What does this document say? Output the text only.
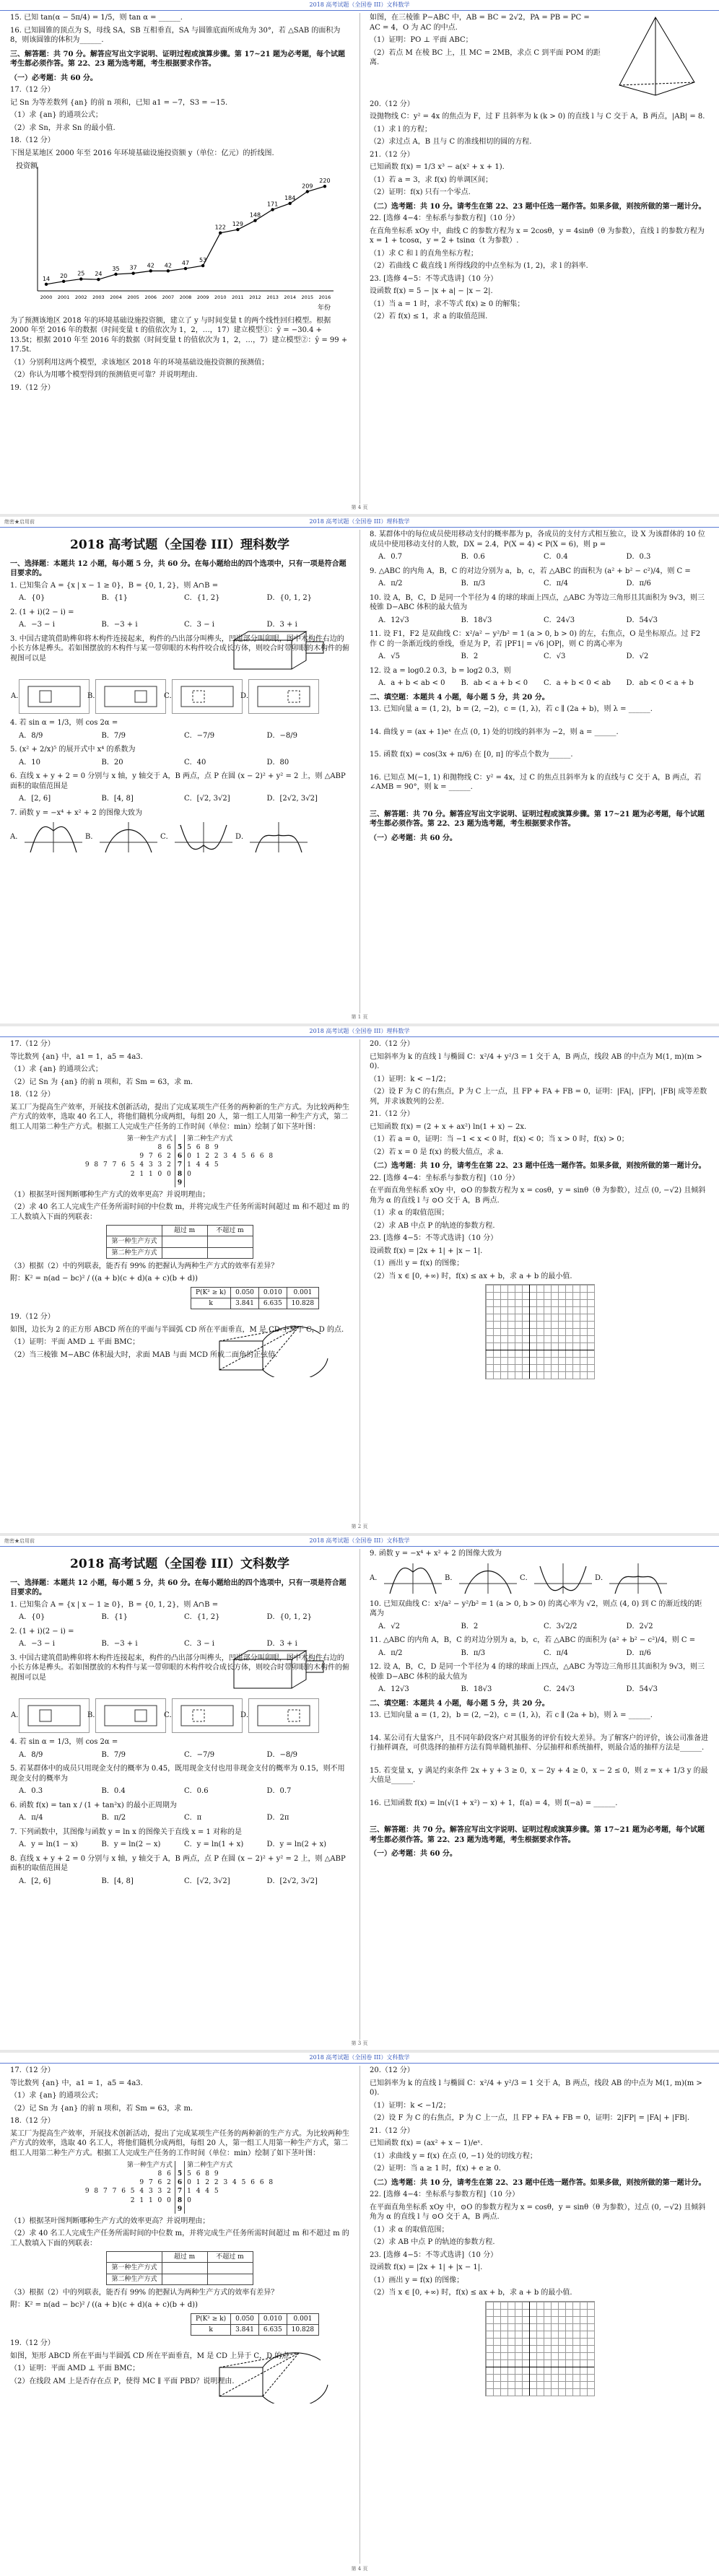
2018 高考试题（全国卷 III）文科数学

15. 已知 tan(α − 5π/4) = 1/5，则 tan α = ______.

16. 已知圆锥的顶点为 S，母线 SA，SB 互相垂直，SA 与圆锥底面所成角为 30°，若 △SAB 的面积为 8，则该圆锥的体积为______.

三、解答题：共 70 分。解答应写出文字说明、证明过程或演算步骤。第 17~21 题为必考题，每个试题考生都必须作答。第 22、23 题为选考题，考生根据要求作答。

（一）必考题：共 60 分。

17.（12 分）

记 Sn 为等差数列 {an} 的前 n 项和，已知 a1 = −7，S3 = −15.

（1）求 {an} 的通项公式；

（2）求 Sn，并求 Sn 的最小值.

18.（12 分）

下图是某地区 2000 年至 2016 年环境基础设施投资额 y（单位：亿元）的折线图.

投资额
年份
14
2000
20
2001
25
2002
24
2003
35
2004
37
2005
42
2006
42
2007
47
2008
53
2009
122
2010
129
2011
148
2012
171
2013
184
2014
209
2015
220
2016

为了预测该地区 2018 年的环境基础设施投资额，建立了 y 与时间变量 t 的两个线性回归模型。根据 2000 年至 2016 年的数据（时间变量 t 的值依次为 1，2，…，17）建立模型①：ŷ = −30.4 + 13.5t；根据 2010 年至 2016 年的数据（时间变量 t 的值依次为 1，2，…，7）建立模型②：ŷ = 99 + 17.5t.

（1）分别利用这两个模型，求该地区 2018 年的环境基础设施投资额的预测值；

（2）你认为用哪个模型得到的预测值更可靠？并说明理由.

19.（12 分）

如图，在三棱锥 P−ABC 中，AB = BC = 2√2，PA = PB = PC = AC = 4，O 为 AC 的中点.

（1）证明：PO ⊥ 平面 ABC；

（2）若点 M 在棱 BC 上，且 MC = 2MB，求点 C 到平面 POM 的距离.

20.（12 分）

设抛物线 C：y² = 4x 的焦点为 F，过 F 且斜率为 k (k > 0) 的直线 l 与 C 交于 A，B 两点，|AB| = 8.

（1）求 l 的方程；

（2）求过点 A，B 且与 C 的准线相切的圆的方程.

21.（12 分）

已知函数 f(x) = 1/3 x³ − a(x² + x + 1).

（1）若 a = 3，求 f(x) 的单调区间；

（2）证明：f(x) 只有一个零点.

（二）选考题：共 10 分。请考生在第 22、23 题中任选一题作答。如果多做，则按所做的第一题计分。

22. [选修 4−4：坐标系与参数方程]（10 分）

在直角坐标系 xOy 中，曲线 C 的参数方程为 x = 2cosθ，y = 4sinθ（θ 为参数），直线 l 的参数方程为 x = 1 + tcosα，y = 2 + tsinα（t 为参数）.

（1）求 C 和 l 的直角坐标方程；

（2）若曲线 C 截直线 l 所得线段的中点坐标为 (1, 2)，求 l 的斜率.

23. [选修 4−5：不等式选讲]（10 分）

设函数 f(x) = 5 − |x + a| − |x − 2|.

（1）当 a = 1 时，求不等式 f(x) ≥ 0 的解集；

（2）若 f(x) ≤ 1，求 a 的取值范围.

第 4 页
绝密★启用前	2018 高考试题（全国卷 III）理科数学
2018 高考试题（全国卷 III）理科数学

一、选择题：本题共 12 小题，每小题 5 分，共 60 分。在每小题给出的四个选项中，只有一项是符合题目要求的。

1. 已知集合 A = {x | x − 1 ≥ 0}，B = {0, 1, 2}，则 A∩B =

A．{0}	B．{1}	C．{1, 2}	D．{0, 1, 2}

2. (1 + i)(2 − i) =

A．−3 − i	B．−3 + i	C．3 − i	D．3 + i

3. 中国古建筑借助榫卯将木构件连接起来，构件的凸出部分叫榫头，凹进部分叫卯眼，图中木构件右边的小长方体是榫头。若如图摆放的木构件与某一带卯眼的木构件咬合成长方体，则咬合时带卯眼的木构件的俯视图可以是

A．	B．	C．	D．

4. 若 sin α = 1/3，则 cos 2α =

A．8/9	B．7/9	C．−7/9	D．−8/9

5. (x² + 2/x)⁵ 的展开式中 x⁴ 的系数为

A．10	B．20	C．40	D．80

6. 直线 x + y + 2 = 0 分别与 x 轴，y 轴交于 A，B 两点，点 P 在圆 (x − 2)² + y² = 2 上，则 △ABP 面积的取值范围是

A．[2, 6]	B．[4, 8]	C．[√2, 3√2]	D．[2√2, 3√2]

7. 函数 y = −x⁴ + x² + 2 的图像大致为

A．	B．	C．	D．

8. 某群体中的每位成员使用移动支付的概率都为 p，各成员的支付方式相互独立，设 X 为该群体的 10 位成员中使用移动支付的人数，DX = 2.4，P(X = 4) < P(X = 6)，则 p =

A．0.7	B．0.6	C．0.4	D．0.3

9. △ABC 的内角 A，B，C 的对边分别为 a，b，c，若 △ABC 的面积为 (a² + b² − c²)/4，则 C =

A．π/2	B．π/3	C．π/4	D．π/6

10. 设 A，B，C，D 是同一个半径为 4 的球的球面上四点，△ABC 为等边三角形且其面积为 9√3，则三棱锥 D−ABC 体积的最大值为

A．12√3	B．18√3	C．24√3	D．54√3

11. 设 F1，F2 是双曲线 C：x²/a² − y²/b² = 1 (a > 0, b > 0) 的左，右焦点，O 是坐标原点。过 F2 作 C 的一条渐近线的垂线，垂足为 P，若 |PF1| = √6 |OP|，则 C 的离心率为

A．√5	B．2	C．√3	D．√2

12. 设 a = log0.2 0.3，b = log2 0.3，则

A．a + b < ab < 0	B．ab < a + b < 0	C．a + b < 0 < ab	D．ab < 0 < a + b

二、填空题：本题共 4 小题，每小题 5 分，共 20 分。

13. 已知向量 a = (1, 2)，b = (2, −2)，c = (1, λ)，若 c ∥ (2a + b)，则 λ = ______.

14. 曲线 y = (ax + 1)eˣ 在点 (0, 1) 处的切线的斜率为 −2，则 a = ______.

15. 函数 f(x) = cos(3x + π/6) 在 [0, π] 的零点个数为______.

16. 已知点 M(−1, 1) 和抛物线 C：y² = 4x，过 C 的焦点且斜率为 k 的直线与 C 交于 A，B 两点，若 ∠AMB = 90°，则 k = ______.

三、解答题：共 70 分。解答应写出文字说明、证明过程或演算步骤。第 17~21 题为必考题，每个试题考生都必须作答。第 22、23 题为选考题，考生根据要求作答。

（一）必考题：共 60 分。

第 1 页
2018 高考试题（全国卷 III）理科数学

17.（12 分）

等比数列 {an} 中，a1 = 1，a5 = 4a3.

（1）求 {an} 的通项公式；

（2）记 Sn 为 {an} 的前 n 项和，若 Sm = 63，求 m.

18.（12 分）

某工厂为提高生产效率，开展技术创新活动，提出了完成某项生产任务的两种新的生产方式。为比较两种生产方式的效率，选取 40 名工人，将他们随机分成两组，每组 20 人，第一组工人用第一种生产方式，第二组工人用第二种生产方式。根据工人完成生产任务的工作时间（单位：min）绘制了如下茎叶图：

第一种生产方式		第二种生产方式
8 6	5	5 6 8 9
9 7 6 2	6	0 1 2 2 3 4 5 6 6 8
9 8 7 7 6 5 4 3 3 2	7	1 4 4 5
2 1 1 0 0	8	0
	9	

（1）根据茎叶图判断哪种生产方式的效率更高？并说明理由；

（2）求 40 名工人完成生产任务所需时间的中位数 m，并将完成生产任务所需时间超过 m 和不超过 m 的工人数填入下面的列联表：

	超过 m	不超过 m
第一种生产方式		
第二种生产方式		

（3）根据（2）中的列联表，能否有 99% 的把握认为两种生产方式的效率有差异？

附：K² = n(ad − bc)² / ((a + b)(c + d)(a + c)(b + d))

P(K² ≥ k)	0.050	0.010	0.001
k	3.841	6.635	10.828

19.（12 分）

如图，边长为 2 的正方形 ABCD 所在的平面与半圆弧 CD 所在平面垂直，M 是 CD 上异于 C，D 的点.

（1）证明：平面 AMD ⊥ 平面 BMC；

（2）当三棱锥 M−ABC 体积最大时，求面 MAB 与面 MCD 所成二面角的正弦值.

20.（12 分）

已知斜率为 k 的直线 l 与椭圆 C：x²/4 + y²/3 = 1 交于 A，B 两点，线段 AB 的中点为 M(1, m)(m > 0).

（1）证明：k < −1/2；

（2）设 F 为 C 的右焦点，P 为 C 上一点，且 FP + FA + FB = 0，证明：|FA|，|FP|，|FB| 成等差数列，并求该数列的公差.

21.（12 分）

已知函数 f(x) = (2 + x + ax²) ln(1 + x) − 2x.

（1）若 a = 0，证明：当 −1 < x < 0 时，f(x) < 0；当 x > 0 时，f(x) > 0；

（2）若 x = 0 是 f(x) 的极大值点，求 a.

（二）选考题：共 10 分，请考生在第 22、23 题中任选一题作答。如果多做，则按所做的第一题计分。

22. [选修 4−4：坐标系与参数方程]（10 分）

在平面直角坐标系 xOy 中，⊙O 的参数方程为 x = cosθ，y = sinθ（θ 为参数），过点 (0, −√2) 且倾斜角为 α 的直线 l 与 ⊙O 交于 A，B 两点.

（1）求 α 的取值范围；

（2）求 AB 中点 P 的轨迹的参数方程.

23. [选修 4−5：不等式选讲]（10 分）

设函数 f(x) = |2x + 1| + |x − 1|.

（1）画出 y = f(x) 的图像；

（2）当 x ∈ [0, +∞) 时，f(x) ≤ ax + b，求 a + b 的最小值.

第 2 页
绝密★启用前	2018 高考试题（全国卷 III）文科数学
2018 高考试题（全国卷 III）文科数学

一、选择题：本题共 12 小题，每小题 5 分，共 60 分。在每小题给出的四个选项中，只有一项是符合题目要求的。

1. 已知集合 A = {x | x − 1 ≥ 0}，B = {0, 1, 2}，则 A∩B =

A．{0}	B．{1}	C．{1, 2}	D．{0, 1, 2}

2. (1 + i)(2 − i) =

A．−3 − i	B．−3 + i	C．3 − i	D．3 + i

3. 中国古建筑借助榫卯将木构件连接起来，构件的凸出部分叫榫头，凹进部分叫卯眼，图中木构件右边的小长方体是榫头。若如图摆放的木构件与某一带卯眼的木构件咬合成长方体，则咬合时带卯眼的木构件的俯视图可以是

A．	B．	C．	D．

4. 若 sin α = 1/3，则 cos 2α =

A．8/9	B．7/9	C．−7/9	D．−8/9

5. 若某群体中的成员只用现金支付的概率为 0.45，既用现金支付也用非现金支付的概率为 0.15，则不用现金支付的概率为

A．0.3	B．0.4	C．0.6	D．0.7

6. 函数 f(x) = tan x / (1 + tan²x) 的最小正周期为

A．π/4	B．π/2	C．π	D．2π

7. 下列函数中，其图像与函数 y = ln x 的图像关于直线 x = 1 对称的是

A．y = ln(1 − x)	B．y = ln(2 − x)	C．y = ln(1 + x)	D．y = ln(2 + x)

8. 直线 x + y + 2 = 0 分别与 x 轴，y 轴交于 A，B 两点，点 P 在圆 (x − 2)² + y² = 2 上，则 △ABP 面积的取值范围是

A．[2, 6]	B．[4, 8]	C．[√2, 3√2]	D．[2√2, 3√2]

9. 函数 y = −x⁴ + x² + 2 的图像大致为

A．	B．	C．	D．

10. 已知双曲线 C：x²/a² − y²/b² = 1 (a > 0, b > 0) 的离心率为 √2，则点 (4, 0) 到 C 的渐近线的距离为

A．√2	B．2	C．3√2/2	D．2√2

11. △ABC 的内角 A，B，C 的对边分别为 a，b，c，若 △ABC 的面积为 (a² + b² − c²)/4，则 C =

A．π/2	B．π/3	C．π/4	D．π/6

12. 设 A，B，C，D 是同一个半径为 4 的球的球面上四点，△ABC 为等边三角形且其面积为 9√3，则三棱锥 D−ABC 体积的最大值为

A．12√3	B．18√3	C．24√3	D．54√3

二、填空题：本题共 4 小题，每小题 5 分，共 20 分。

13. 已知向量 a = (1, 2)，b = (2, −2)，c = (1, λ)，若 c ∥ (2a + b)，则 λ = ______.

14. 某公司有大量客户，且不同年龄段客户对其服务的评价有较大差异。为了解客户的评价，该公司准备进行抽样调查，可供选择的抽样方法有简单随机抽样、分层抽样和系统抽样，则最合适的抽样方法是______.

15. 若变量 x，y 满足约束条件 2x + y + 3 ≥ 0，x − 2y + 4 ≥ 0，x − 2 ≤ 0，则 z = x + 1/3 y 的最大值是______.

16. 已知函数 f(x) = ln(√(1 + x²) − x) + 1，f(a) = 4，则 f(−a) = ______.

三、解答题：共 70 分。解答应写出文字说明、证明过程或演算步骤。第 17~21 题为必考题，每个试题考生都必须作答。第 22、23 题为选考题，考生根据要求作答。

（一）必考题：共 60 分。

第 3 页
2018 高考试题（全国卷 III）文科数学

17.（12 分）

等比数列 {an} 中，a1 = 1，a5 = 4a3.

（1）求 {an} 的通项公式；

（2）记 Sn 为 {an} 的前 n 项和，若 Sm = 63，求 m.

18.（12 分）

某工厂为提高生产效率，开展技术创新活动，提出了完成某项生产任务的两种新的生产方式。为比较两种生产方式的效率，选取 40 名工人，将他们随机分成两组，每组 20 人，第一组工人用第一种生产方式，第二组工人用第二种生产方式。根据工人完成生产任务的工作时间（单位：min）绘制了如下茎叶图：

第一种生产方式		第二种生产方式
8 6	5	5 6 8 9
9 7 6 2	6	0 1 2 2 3 4 5 6 6 8
9 8 7 7 6 5 4 3 3 2	7	1 4 4 5
2 1 1 0 0	8	0
	9	

（1）根据茎叶图判断哪种生产方式的效率更高？并说明理由；

（2）求 40 名工人完成生产任务所需时间的中位数 m，并将完成生产任务所需时间超过 m 和不超过 m 的工人数填入下面的列联表：

	超过 m	不超过 m
第一种生产方式		
第二种生产方式		

（3）根据（2）中的列联表，能否有 99% 的把握认为两种生产方式的效率有差异？

附：K² = n(ad − bc)² / ((a + b)(c + d)(a + c)(b + d))

P(K² ≥ k)	0.050	0.010	0.001
k	3.841	6.635	10.828

19.（12 分）

如图，矩形 ABCD 所在平面与半圆弧 CD 所在平面垂直，M 是 CD 上异于 C，D 的点.

（1）证明：平面 AMD ⊥ 平面 BMC；

（2）在线段 AM 上是否存在点 P，使得 MC ∥ 平面 PBD？说明理由.

20.（12 分）

已知斜率为 k 的直线 l 与椭圆 C：x²/4 + y²/3 = 1 交于 A，B 两点，线段 AB 的中点为 M(1, m)(m > 0).

（1）证明：k < −1/2；

（2）设 F 为 C 的右焦点，P 为 C 上一点，且 FP + FA + FB = 0，证明：2|FP| = |FA| + |FB|.

21.（12 分）

已知函数 f(x) = (ax² + x − 1)/eˣ.

（1）求曲线 y = f(x) 在点 (0, −1) 处的切线方程；

（2）证明：当 a ≥ 1 时，f(x) + e ≥ 0.

（二）选考题：共 10 分，请考生在第 22、23 题中任选一题作答。如果多做，则按所做的第一题计分。

22. [选修 4−4：坐标系与参数方程]（10 分）

在平面直角坐标系 xOy 中，⊙O 的参数方程为 x = cosθ，y = sinθ（θ 为参数），过点 (0, −√2) 且倾斜角为 α 的直线 l 与 ⊙O 交于 A，B 两点.

（1）求 α 的取值范围；

（2）求 AB 中点 P 的轨迹的参数方程.

23. [选修 4−5：不等式选讲]（10 分）

设函数 f(x) = |2x + 1| + |x − 1|.

（1）画出 y = f(x) 的图像；

（2）当 x ∈ [0, +∞) 时，f(x) ≤ ax + b，求 a + b 的最小值.

第 4 页
